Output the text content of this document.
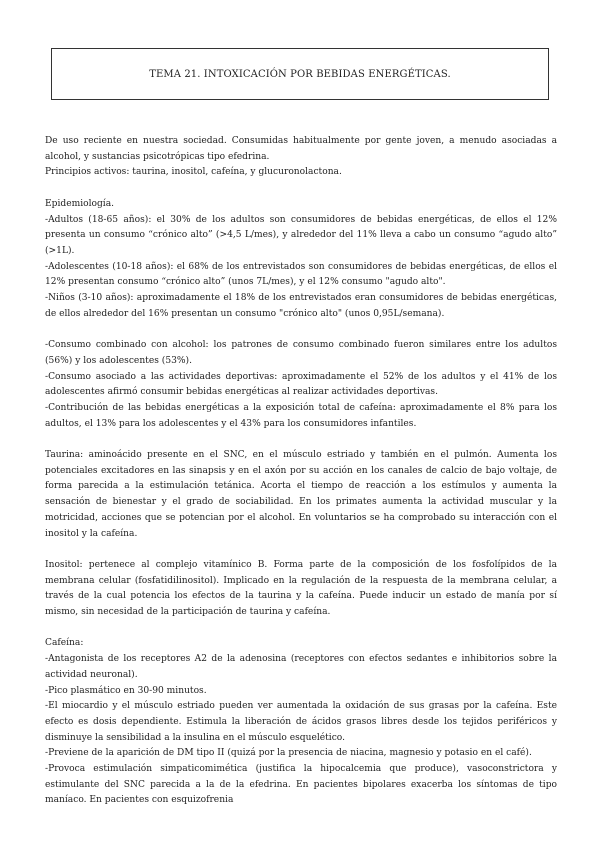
TEMA 21. INTOXICACIÓN POR BEBIDAS ENERGÉTICAS.

De uso reciente en nuestra sociedad. Consumidas habitualmente por gente joven, a menudo asociadas a alcohol, y sustancias psicotrópicas tipo efedrina.

Principios activos: taurina, inositol, cafeína, y glucuronolactona.

Epidemiología.

-Adultos (18-65 años): el 30% de los adultos son consumidores de bebidas energéticas, de ellos el 12% presenta un consumo “crónico alto” (>4,5 L/mes), y alrededor del 11% lleva a cabo un consumo “agudo alto” (>1L).

-Adolescentes (10-18 años): el 68% de los entrevistados son consumidores de bebidas energéticas, de ellos el 12% presentan consumo “crónico alto” (unos 7L/mes), y el 12% consumo "agudo alto".

-Niños (3-10 años): aproximadamente el 18% de los entrevistados eran consumidores de bebidas energéticas, de ellos alrededor del 16% presentan un consumo "crónico alto" (unos 0,95L/semana).

-Consumo combinado con alcohol: los patrones de consumo combinado fueron similares entre los adultos (56%) y los adolescentes (53%).

-Consumo asociado a las actividades deportivas: aproximadamente el 52% de los adultos y el 41% de los adolescentes afirmó consumir bebidas energéticas al realizar actividades deportivas.

-Contribución de las bebidas energéticas a la exposición total de cafeína: aproximadamente el 8% para los adultos, el 13% para los adolescentes y el 43% para los consumidores infantiles.

Taurina: aminoácido presente en el SNC, en el músculo estriado y también en el pulmón. Aumenta los potenciales excitadores en las sinapsis y en el axón por su acción en los canales de calcio de bajo voltaje, de forma parecida a la estimulación tetánica. Acorta el tiempo de reacción a los estímulos y aumenta la sensación de bienestar y el grado de sociabilidad. En los primates aumenta la actividad muscular y la motricidad, acciones que se potencian por el alcohol. En voluntarios se ha comprobado su interacción con el inositol y la cafeína.

Inositol: pertenece al complejo vitamínico B. Forma parte de la composición de los fosfolípidos de la membrana celular (fosfatidilinositol). Implicado en la regulación de la respuesta de la membrana celular, a través de la cual potencia los efectos de la taurina y la cafeína. Puede inducir un estado de manía por sí mismo, sin necesidad de la participación de taurina y cafeína.

Cafeína:

-Antagonista de los receptores A2 de la adenosina (receptores con efectos sedantes e inhibitorios sobre la actividad neuronal).

-Pico plasmático en 30-90 minutos.

-El miocardio y el músculo estriado pueden ver aumentada la oxidación de sus grasas por la cafeína. Este efecto es dosis dependiente. Estimula la liberación de ácidos grasos libres desde los tejidos periféricos y disminuye la sensibilidad a la insulina en el músculo esquelético.

-Previene de la aparición de DM tipo II (quizá por la presencia de niacina, magnesio y potasio en el café).

-Provoca estimulación simpaticomimética (justifica la hipocalcemia que produce), vasoconstrictora y estimulante del SNC parecida a la de la efedrina. En pacientes bipolares exacerba los síntomas de tipo maníaco. En pacientes con esquizofrenia
